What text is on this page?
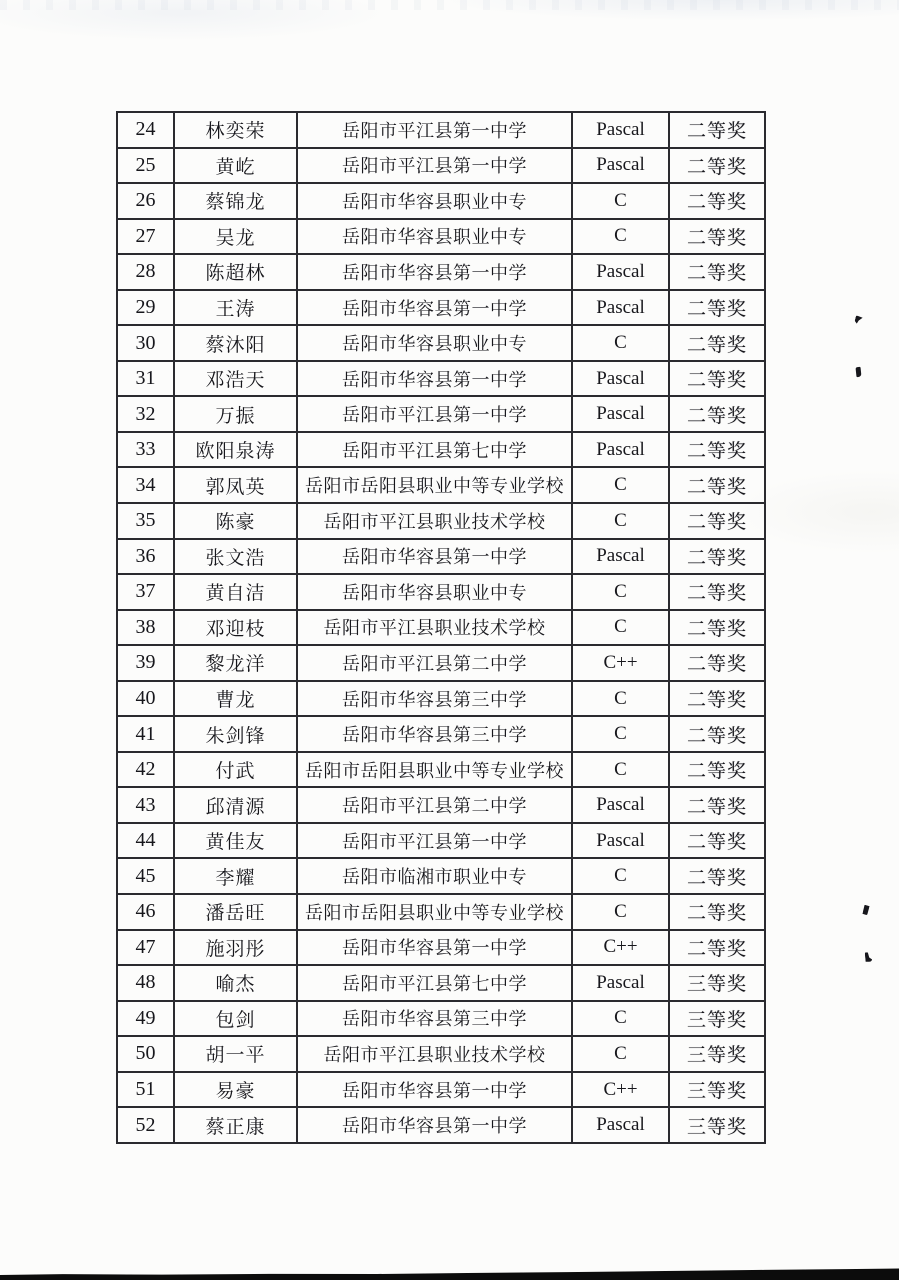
24	林奕荣	岳阳市平江县第一中学	Pascal	二等奖
25	黄屹	岳阳市平江县第一中学	Pascal	二等奖
26	蔡锦龙	岳阳市华容县职业中专	C	二等奖
27	吴龙	岳阳市华容县职业中专	C	二等奖
28	陈超林	岳阳市华容县第一中学	Pascal	二等奖
29	王涛	岳阳市华容县第一中学	Pascal	二等奖
30	蔡沐阳	岳阳市华容县职业中专	C	二等奖
31	邓浩天	岳阳市华容县第一中学	Pascal	二等奖
32	万振	岳阳市平江县第一中学	Pascal	二等奖
33	欧阳泉涛	岳阳市平江县第七中学	Pascal	二等奖
34	郭凤英	岳阳市岳阳县职业中等专业学校	C	二等奖
35	陈豪	岳阳市平江县职业技术学校	C	二等奖
36	张文浩	岳阳市华容县第一中学	Pascal	二等奖
37	黄自洁	岳阳市华容县职业中专	C	二等奖
38	邓迎枝	岳阳市平江县职业技术学校	C	二等奖
39	黎龙洋	岳阳市平江县第二中学	C++	二等奖
40	曹龙	岳阳市华容县第三中学	C	二等奖
41	朱剑锋	岳阳市华容县第三中学	C	二等奖
42	付武	岳阳市岳阳县职业中等专业学校	C	二等奖
43	邱清源	岳阳市平江县第二中学	Pascal	二等奖
44	黄佳友	岳阳市平江县第一中学	Pascal	二等奖
45	李耀	岳阳市临湘市职业中专	C	二等奖
46	潘岳旺	岳阳市岳阳县职业中等专业学校	C	二等奖
47	施羽彤	岳阳市华容县第一中学	C++	二等奖
48	喻杰	岳阳市平江县第七中学	Pascal	三等奖
49	包剑	岳阳市华容县第三中学	C	三等奖
50	胡一平	岳阳市平江县职业技术学校	C	三等奖
51	易豪	岳阳市华容县第一中学	C++	三等奖
52	蔡正康	岳阳市华容县第一中学	Pascal	三等奖
